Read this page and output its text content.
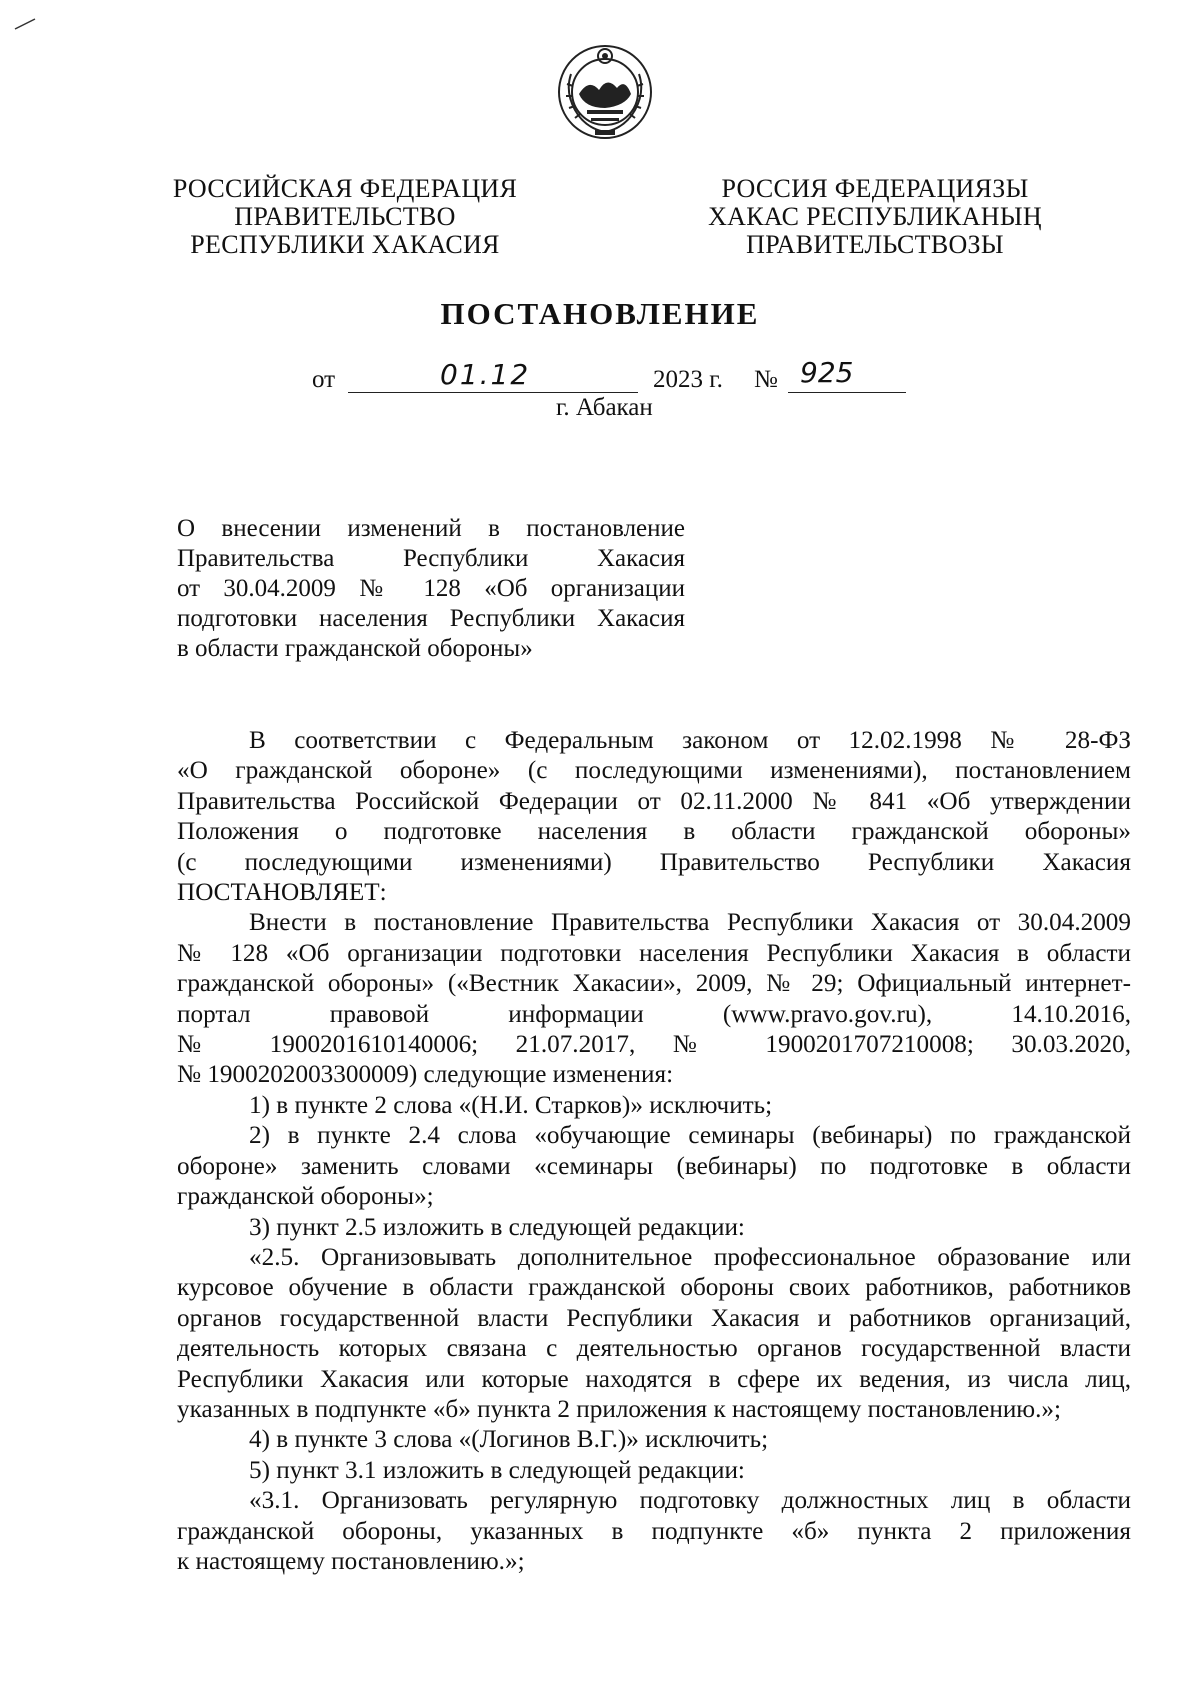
РОССИЙСКАЯ ФЕДЕРАЦИЯ
ПРАВИТЕЛЬСТВО
РЕСПУБЛИКИ ХАКАСИЯ
РОССИЯ ФЕДЕРАЦИЯЗЫ
ХАКАС РЕСПУБЛИКАНЫҢ
ПРАВИТЕЛЬСТВОЗЫ
ПОСТАНОВЛЕНИЕ
от	01.12	2023 г. № 925
г. Абакан
О внесении изменений в постановление
Правительства Республики Хакасия
от 30.04.2009 № 128 «Об организации
подготовки населения Республики Хакасия
в области гражданской обороны»
В соответствии с Федеральным законом от 12.02.1998 № 28-ФЗ
«О гражданской обороне» (с последующими изменениями), постановлением
Правительства Российской Федерации от 02.11.2000 № 841 «Об утверждении
Положения о подготовке населения в области гражданской обороны»
(с последующими изменениями) Правительство Республики Хакасия
ПОСТАНОВЛЯЕТ:
Внести в постановление Правительства Республики Хакасия от 30.04.2009
№ 128 «Об организации подготовки населения Республики Хакасия в области
гражданской обороны» («Вестник Хакасии», 2009, № 29; Официальный интернет-
портал правовой информации (www.pravo.gov.ru), 14.10.2016,
№ 1900201610140006; 21.07.2017, № 1900201707210008; 30.03.2020,
№ 1900202003300009) следующие изменения:
1) в пункте 2 слова «(Н.И. Старков)» исключить;
2) в пункте 2.4 слова «обучающие семинары (вебинары) по гражданской
обороне» заменить словами «семинары (вебинары) по подготовке в области
гражданской обороны»;
3) пункт 2.5 изложить в следующей редакции:
«2.5. Организовывать дополнительное профессиональное образование или
курсовое обучение в области гражданской обороны своих работников, работников
органов государственной власти Республики Хакасия и работников организаций,
деятельность которых связана с деятельностью органов государственной власти
Республики Хакасия или которые находятся в сфере их ведения, из числа лиц,
указанных в подпункте «б» пункта 2 приложения к настоящему постановлению.»;
4) в пункте 3 слова «(Логинов В.Г.)» исключить;
5) пункт 3.1 изложить в следующей редакции:
«3.1. Организовать регулярную подготовку должностных лиц в области
гражданской обороны, указанных в подпункте «б» пункта 2 приложения
к настоящему постановлению.»;
